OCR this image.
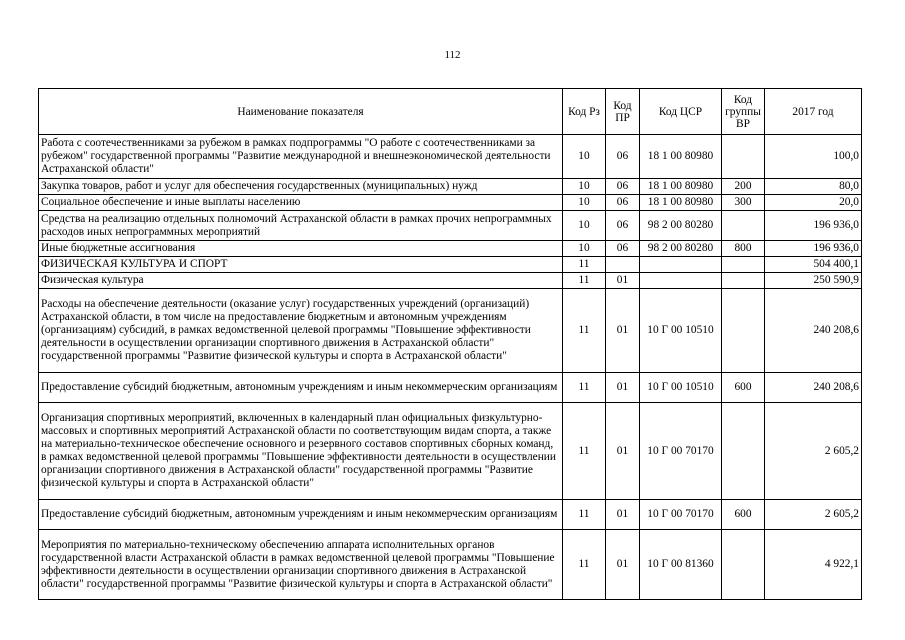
112
Наименование показателя	Код Рз	Код ПР	Код ЦСР	Код группы ВР	2017 год
Работа с соотечественниками за рубежом в рамках подпрограммы "О работе с соотечественниками за рубежом" государственной программы "Развитие международной и внешнеэкономической деятельности Астраханской области"	10	06	18 1 00 80980		100,0
Закупка товаров, работ и услуг для обеспечения государственных (муниципальных) нужд	10	06	18 1 00 80980	200	80,0
Социальное обеспечение и иные выплаты населению	10	06	18 1 00 80980	300	20,0
Средства на реализацию отдельных полномочий Астраханской области в рамках прочих непрограммных расходов иных непрограммных мероприятий	10	06	98 2 00 80280		196 936,0
Иные бюджетные ассигнования	10	06	98 2 00 80280	800	196 936,0
ФИЗИЧЕСКАЯ КУЛЬТУРА И СПОРТ	11				504 400,1
Физическая культура	11	01			250 590,9
Расходы на обеспечение деятельности (оказание услуг) государственных учреждений (организаций) Астраханской области, в том числе на предоставление бюджетным и автономным учреждениям (организациям) субсидий, в рамках ведомственной целевой программы "Повышение эффективности деятельности в осуществлении организации спортивного движения в Астраханской области" государственной программы "Развитие физической культуры и спорта в Астраханской области"	11	01	10 Г 00 10510		240 208,6
Предоставление субсидий бюджетным, автономным учреждениям и иным некоммерческим организациям	11	01	10 Г 00 10510	600	240 208,6
Организация спортивных мероприятий, включенных в календарный план официальных физкультурно-массовых и спортивных мероприятий Астраханской области по соответствующим видам спорта, а также на материально-техническое обеспечение основного и резервного составов спортивных сборных команд, в рамках ведомственной целевой программы "Повышение эффективности деятельности в осуществлении организации спортивного движения в Астраханской области" государственной программы "Развитие физической культуры и спорта в Астраханской области"	11	01	10 Г 00 70170		2 605,2
Предоставление субсидий бюджетным, автономным учреждениям и иным некоммерческим организациям	11	01	10 Г 00 70170	600	2 605,2
Мероприятия по материально-техническому обеспечению аппарата исполнительных органов государственной власти Астраханской области в рамках ведомственной целевой программы "Повышение эффективности деятельности в осуществлении организации спортивного движения в Астраханской области" государственной программы "Развитие физической культуры и спорта в Астраханской области"	11	01	10 Г 00 81360		4 922,1
